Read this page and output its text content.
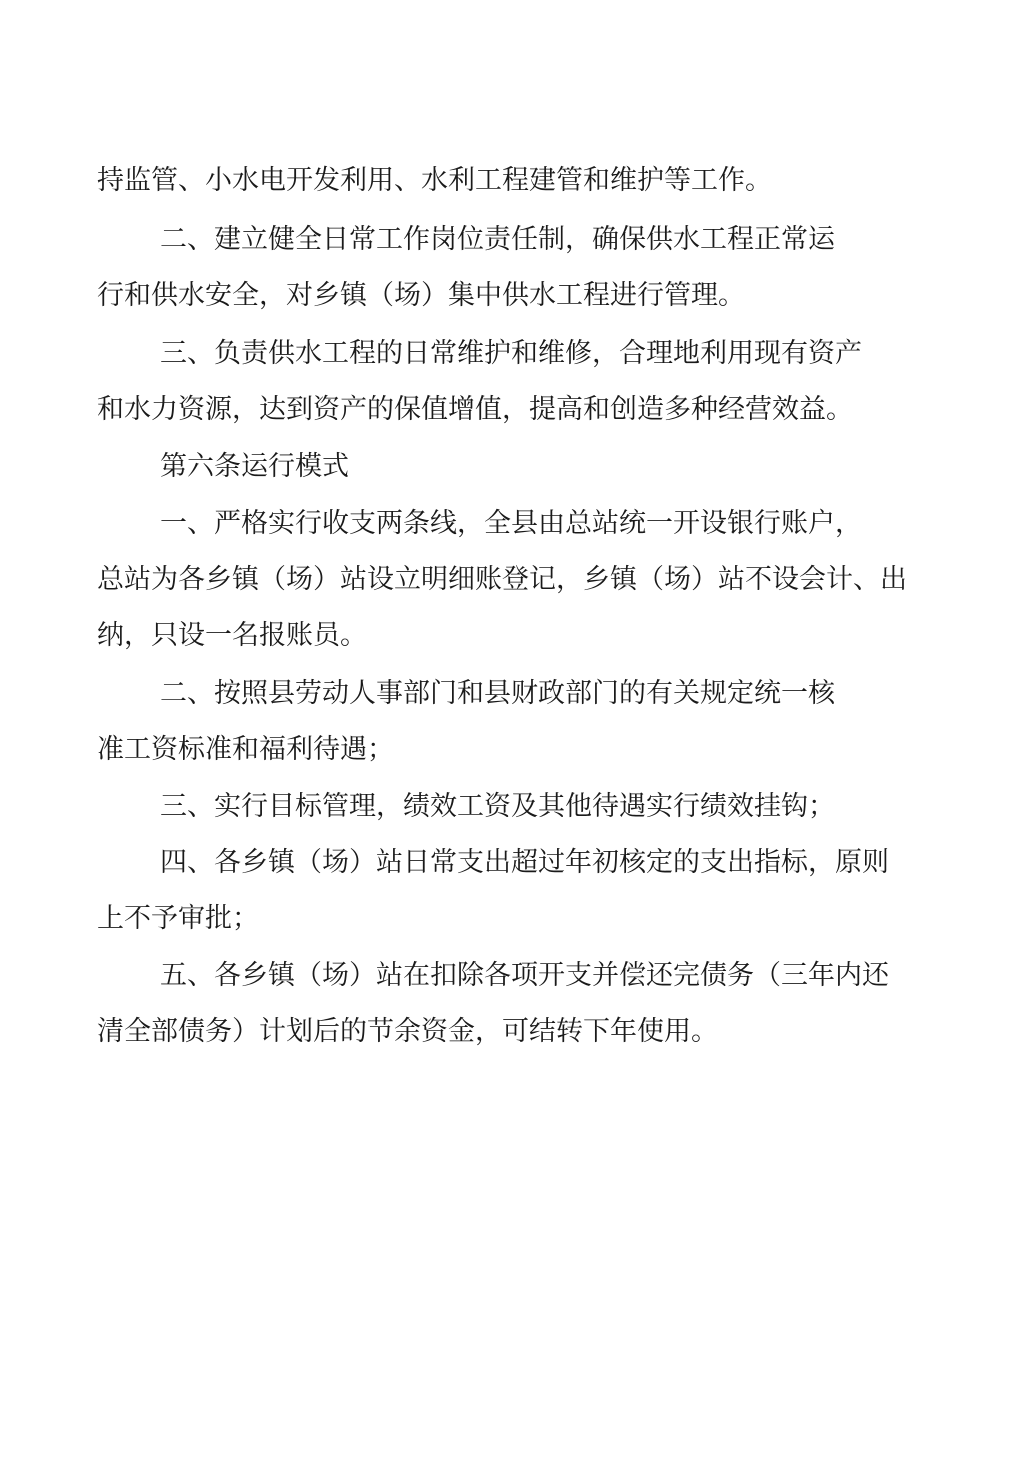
持监管、小水电开发利用、水利工程建管和维护等工作。
二、建立健全日常工作岗位责任制，确保供水工程正常运
行和供水安全，对乡镇（场）集中供水工程进行管理。
三、负责供水工程的日常维护和维修，合理地利用现有资产
和水力资源，达到资产的保值增值，提高和创造多种经营效益。
第六条运行模式
一、严格实行收支两条线，全县由总站统一开设银行账户，
总站为各乡镇（场）站设立明细账登记，乡镇（场）站不设会计、出
纳，只设一名报账员。
二、按照县劳动人事部门和县财政部门的有关规定统一核
准工资标准和福利待遇；
三、实行目标管理，绩效工资及其他待遇实行绩效挂钩；
四、各乡镇（场）站日常支出超过年初核定的支出指标，原则
上不予审批；
五、各乡镇（场）站在扣除各项开支并偿还完债务（三年内还
清全部债务）计划后的节余资金，可结转下年使用。
